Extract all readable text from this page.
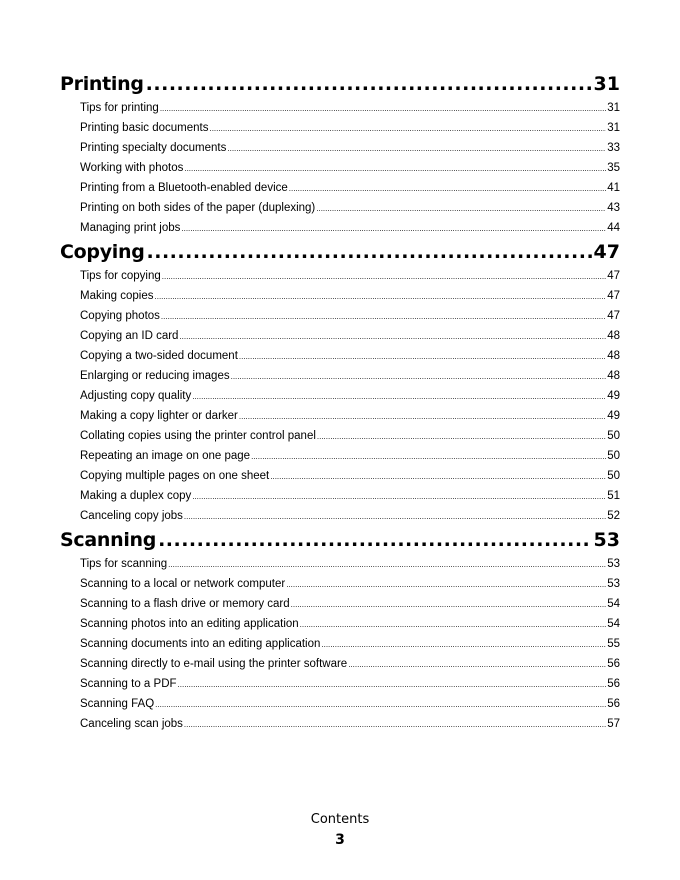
Printing .....	31
Tips for printing .....	31
Printing basic documents .....	31
Printing specialty documents .....	33
Working with photos .....	35
Printing from a Bluetooth-enabled device .....	41
Printing on both sides of the paper (duplexing) .....	43
Managing print jobs .....	44
Copying .....	47
Tips for copying .....	47
Making copies .....	47
Copying photos .....	47
Copying an ID card .....	48
Copying a two-sided document .....	48
Enlarging or reducing images .....	48
Adjusting copy quality .....	49
Making a copy lighter or darker .....	49
Collating copies using the printer control panel .....	50
Repeating an image on one page .....	50
Copying multiple pages on one sheet .....	50
Making a duplex copy .....	51
Canceling copy jobs .....	52
Scanning .....	53
Tips for scanning .....	53
Scanning to a local or network computer .....	53
Scanning to a flash drive or memory card .....	54
Scanning photos into an editing application .....	54
Scanning documents into an editing application .....	55
Scanning directly to e-mail using the printer software .....	56
Scanning to a PDF .....	56
Scanning FAQ .....	56
Canceling scan jobs .....	57
Contents
3
